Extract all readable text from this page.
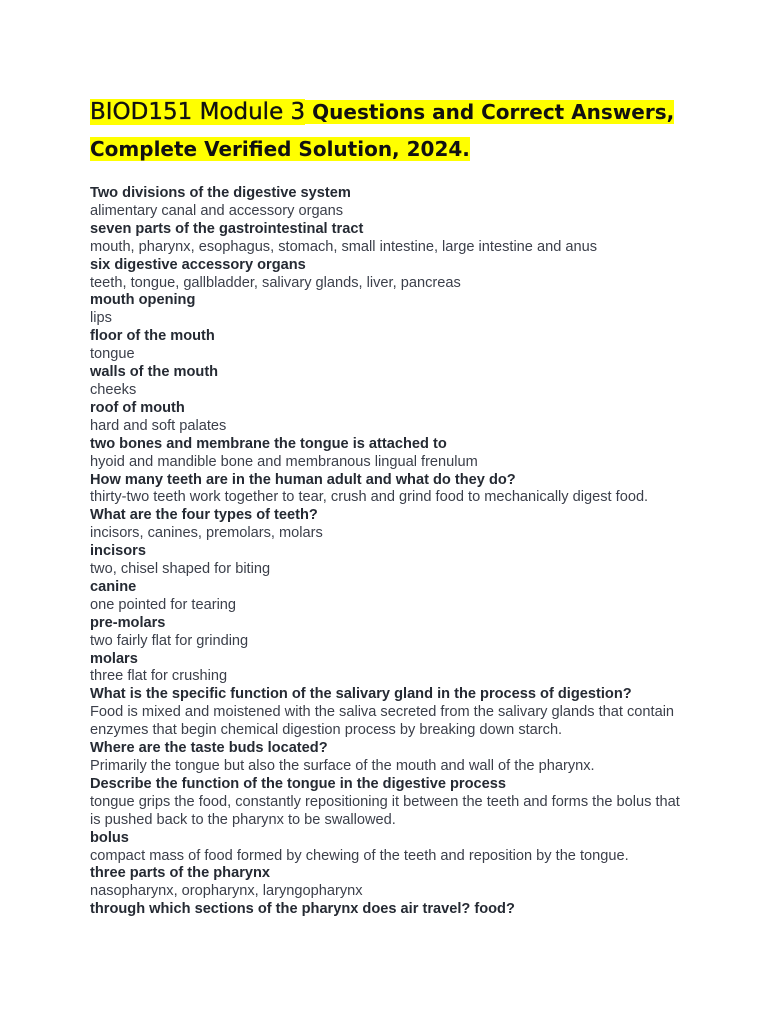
BIOD151 Module 3 Questions and Correct Answers,
Complete Verified Solution, 2024.
Two divisions of the digestive system
alimentary canal and accessory organs
seven parts of the gastrointestinal tract
mouth, pharynx, esophagus, stomach, small intestine, large intestine and anus
six digestive accessory organs
teeth, tongue, gallbladder, salivary glands, liver, pancreas
mouth opening
lips
floor of the mouth
tongue
walls of the mouth
cheeks
roof of mouth
hard and soft palates
two bones and membrane the tongue is attached to
hyoid and mandible bone and membranous lingual frenulum
How many teeth are in the human adult and what do they do?
thirty-two teeth work together to tear, crush and grind food to mechanically digest food.
What are the four types of teeth?
incisors, canines, premolars, molars
incisors
two, chisel shaped for biting
canine
one pointed for tearing
pre-molars
two fairly flat for grinding
molars
three flat for crushing
What is the specific function of the salivary gland in the process of digestion?
Food is mixed and moistened with the saliva secreted from the salivary glands that contain enzymes that begin chemical digestion process by breaking down starch.
Where are the taste buds located?
Primarily the tongue but also the surface of the mouth and wall of the pharynx.
Describe the function of the tongue in the digestive process
tongue grips the food, constantly repositioning it between the teeth and forms the bolus that is pushed back to the pharynx to be swallowed.
bolus
compact mass of food formed by chewing of the teeth and reposition by the tongue.
three parts of the pharynx
nasopharynx, oropharynx, laryngopharynx
through which sections of the pharynx does air travel? food?
